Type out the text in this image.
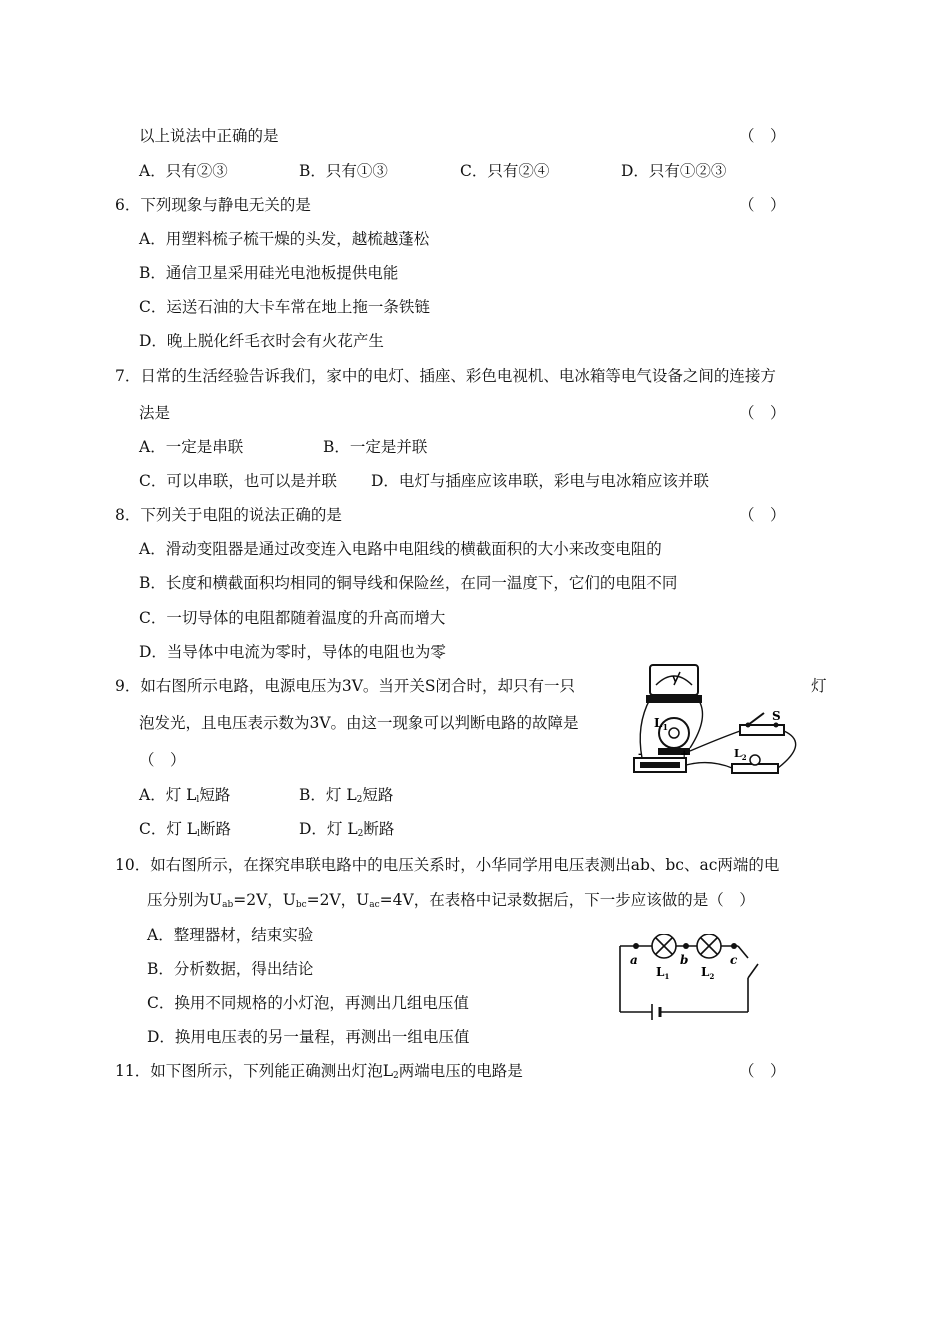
以上说法中正确的是	（　）
A．只有②③	B．只有①③	C．只有②④	D．只有①②③
6．下列现象与静电无关的是	（　）
A．用塑料梳子梳干燥的头发，越梳越蓬松
B．通信卫星采用硅光电池板提供电能
C．运送石油的大卡车常在地上拖一条铁链
D．晚上脱化纤毛衣时会有火花产生
7．日常的生活经验告诉我们，家中的电灯、插座、彩色电视机、电冰箱等电气设备之间的连接方
法是	（　）
A．一定是串联	B．一定是并联
C．可以串联，也可以是并联 D．电灯与插座应该串联，彩电与电冰箱应该并联
8．下列关于电阻的说法正确的是	（　）
A．滑动变阻器是通过改变连入电路中电阻线的横截面积的大小来改变电阻的
B．长度和横截面积均相同的铜导线和保险丝，在同一温度下，它们的电阻不同
C．一切导体的电阻都随着温度的升高而增大
D．当导体中电流为零时，导体的电阻也为零
9．如右图所示电路，电源电压为3V。当开关S闭合时，却只有一只	灯
泡发光，且电压表示数为3V。由这一现象可以判断电路的故障是
（　）
A．灯 $L_l$短路	B．灯 $L_2$短路
C．灯 $L_l$断路	D．灯 $L_2$断路
V
$L_1$
-	+
S
$L_2$
10．如右图所示，在探究串联电路中的电压关系时，小华同学用电压表测出ab、bc、ac两端的电
压分别为$U_{ab}=2V$，$U_{bc}=2V$，$U_{ac}=4V$，在表格中记录数据后，下一步应该做的是（　）
A．整理器材，结束实验
B．分析数据，得出结论
C．换用不同规格的小灯泡，再测出几组电压值
D．换用电压表的另一量程，再测出一组电压值
a	b	c
$L_1$	$L_2$
11．如下图所示，下列能正确测出灯泡$L_2$两端电压的电路是	（　）
